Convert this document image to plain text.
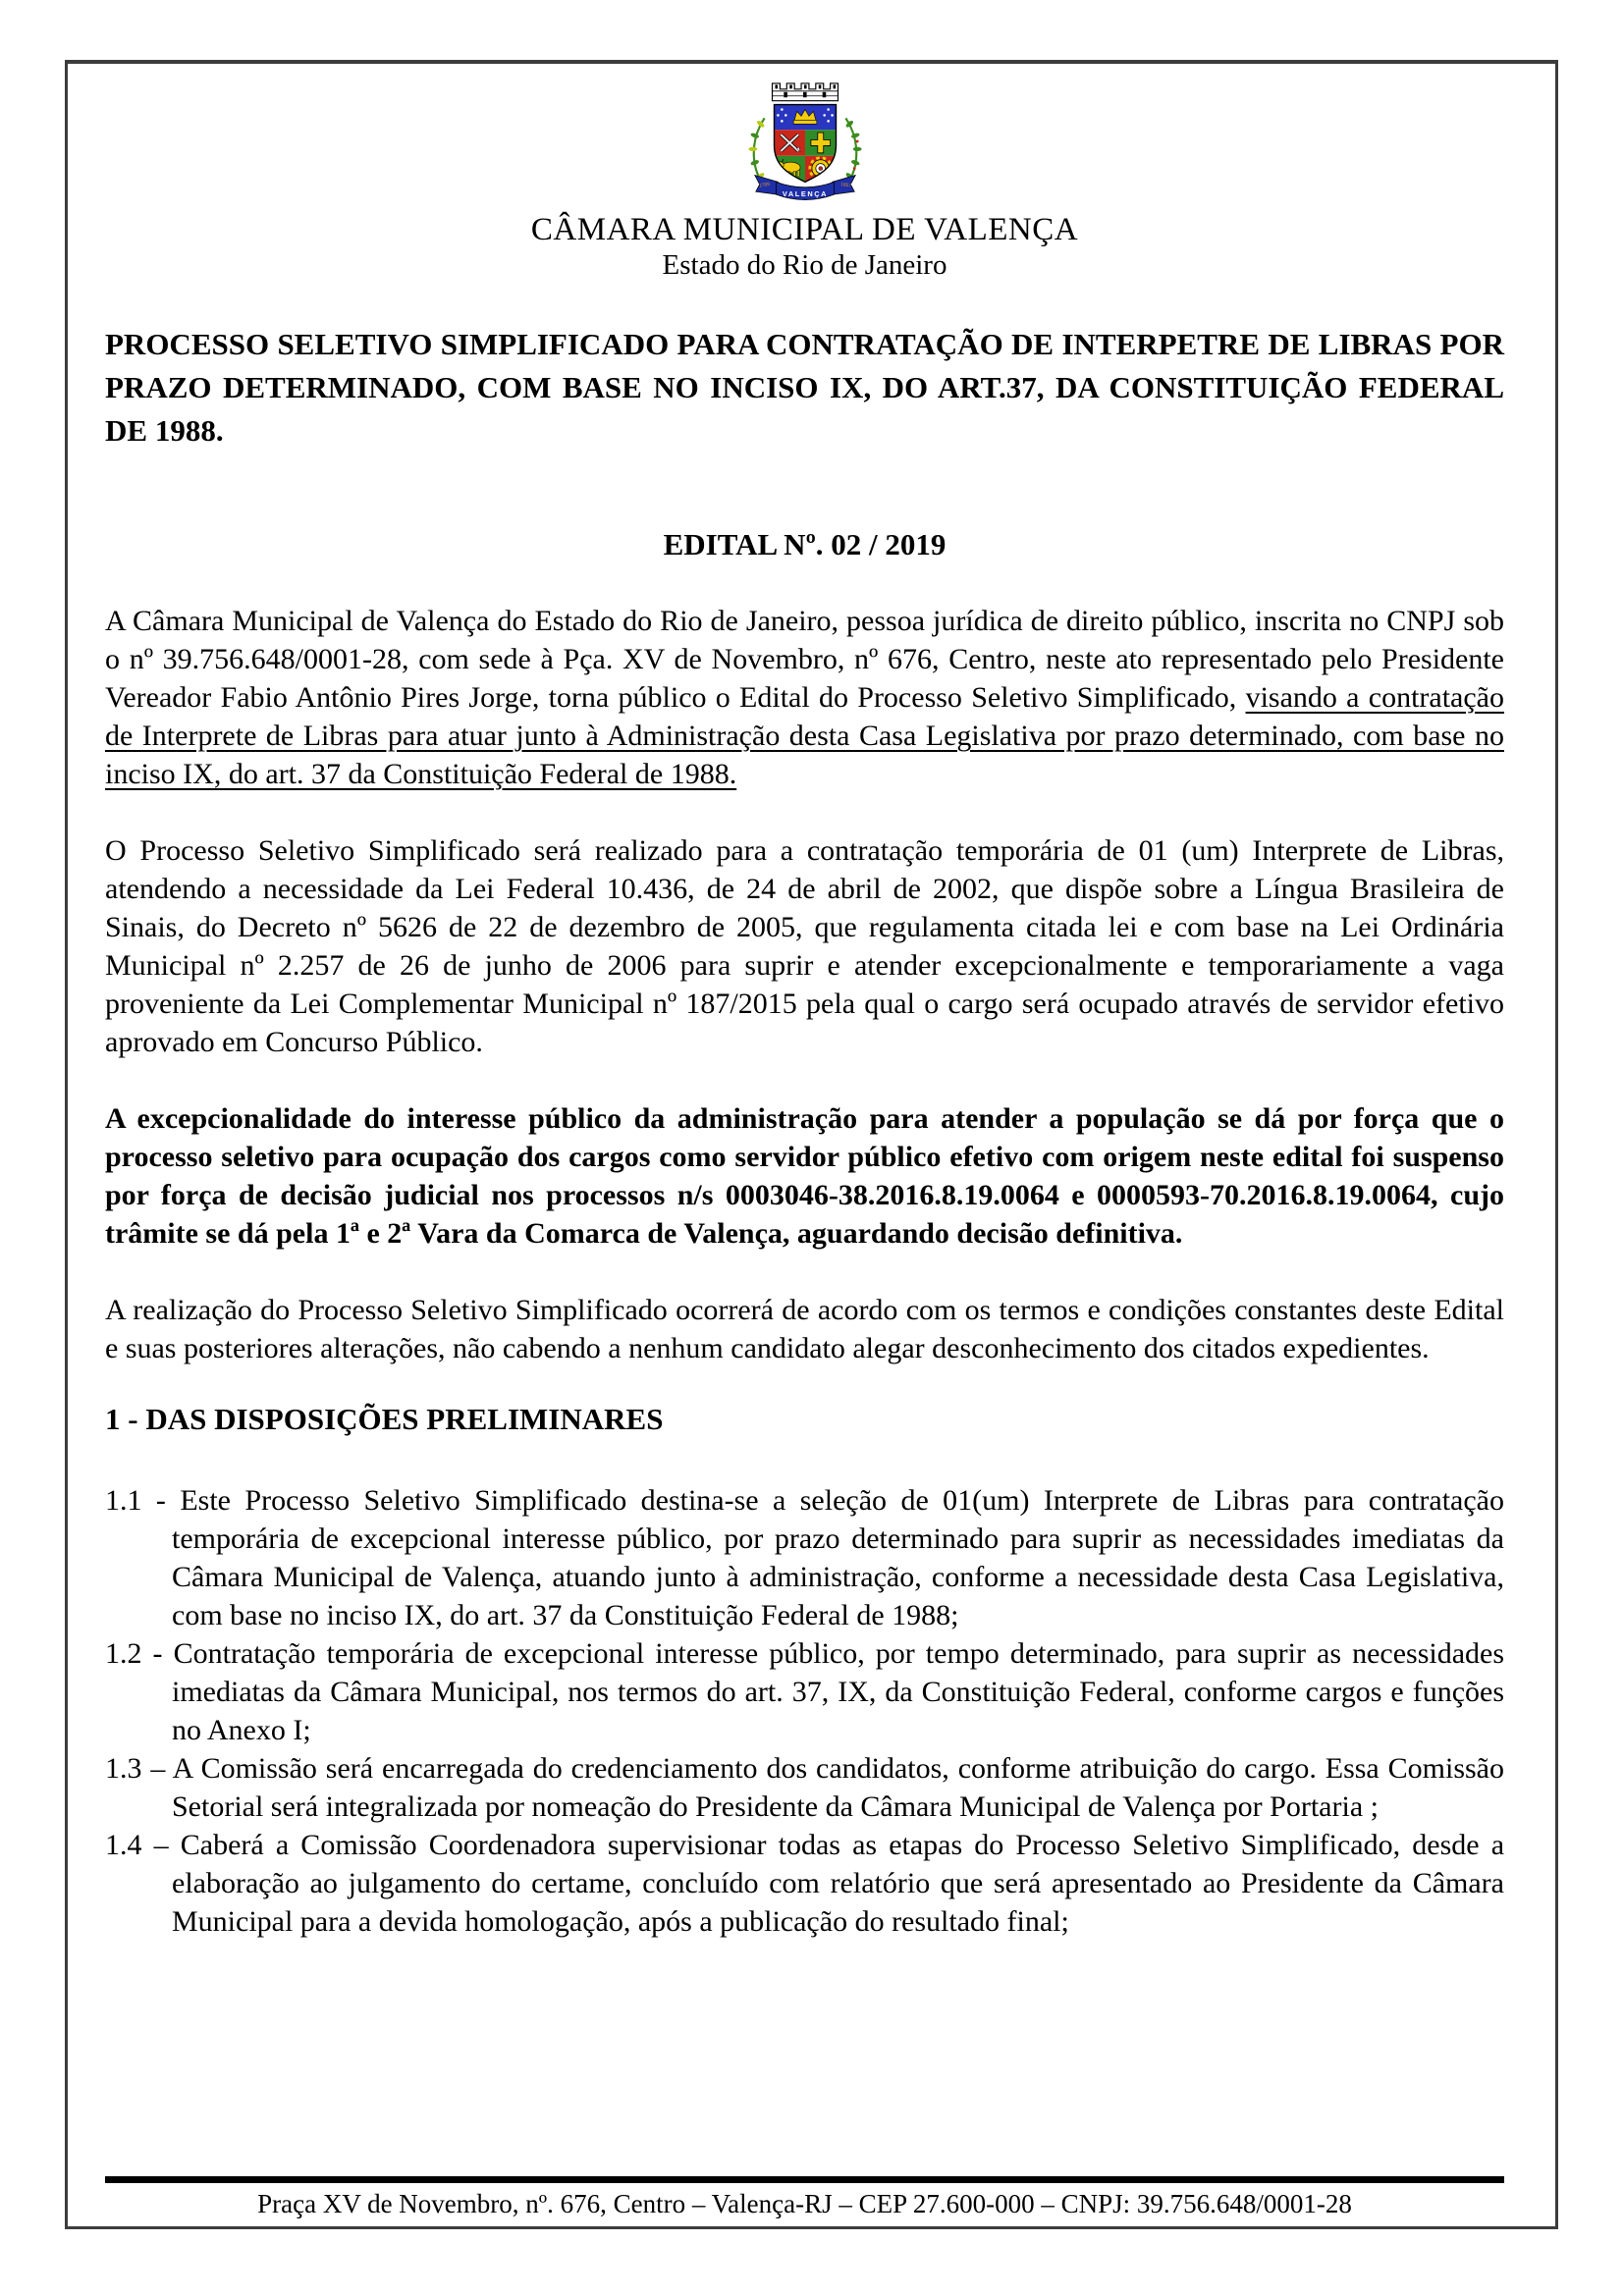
VALENÇA
1789	1857
CÂMARA MUNICIPAL DE VALENÇA
Estado do Rio de Janeiro

PROCESSO SELETIVO SIMPLIFICADO PARA CONTRATAÇÃO DE INTERPETRE DE LIBRAS POR PRAZO DETERMINADO, COM BASE NO INCISO IX, DO ART.37, DA CONSTITUIÇÃO FEDERAL DE 1988.

EDITAL Nº. 02 / 2019

A Câmara Municipal de Valença do Estado do Rio de Janeiro, pessoa jurídica de direito público, inscrita no CNPJ sob o nº 39.756.648/0001-28, com sede à Pça. XV de Novembro, nº 676, Centro, neste ato representado pelo Presidente Vereador Fabio Antônio Pires Jorge, torna público o Edital do Processo Seletivo Simplificado, visando a contratação de Interprete de Libras para atuar junto à Administração desta Casa Legislativa por prazo determinado, com base no inciso IX, do art. 37 da Constituição Federal de 1988.

O Processo Seletivo Simplificado será realizado para a contratação temporária de 01 (um) Interprete de Libras, atendendo a necessidade da Lei Federal 10.436, de 24 de abril de 2002, que dispõe sobre a Língua Brasileira de Sinais, do Decreto nº 5626 de 22 de dezembro de 2005, que regulamenta citada lei e com base na Lei Ordinária Municipal nº 2.257 de 26 de junho de 2006 para suprir e atender excepcionalmente e temporariamente a vaga proveniente da Lei Complementar Municipal nº 187/2015 pela qual o cargo será ocupado através de servidor efetivo aprovado em Concurso Público.

A excepcionalidade do interesse público da administração para atender a população se dá por força que o processo seletivo para ocupação dos cargos como servidor público efetivo com origem neste edital foi suspenso por força de decisão judicial nos processos n/s 0003046-38.2016.8.19.0064 e 0000593-70.2016.8.19.0064, cujo trâmite se dá pela 1ª e 2ª Vara da Comarca de Valença, aguardando decisão definitiva.

A realização do Processo Seletivo Simplificado ocorrerá de acordo com os termos e condições constantes deste Edital e suas posteriores alterações, não cabendo a nenhum candidato alegar desconhecimento dos citados expedientes.

1 - DAS DISPOSIÇÕES PRELIMINARES

1.1 - Este Processo Seletivo Simplificado destina-se a seleção de 01(um) Interprete de Libras para contratação temporária de excepcional interesse público, por prazo determinado para suprir as necessidades imediatas da Câmara Municipal de Valença, atuando junto à administração, conforme a necessidade desta Casa Legislativa, com base no inciso IX, do art. 37 da Constituição Federal de 1988;
1.2 - Contratação temporária de excepcional interesse público, por tempo determinado, para suprir as necessidades imediatas da Câmara Municipal, nos termos do art. 37, IX, da Constituição Federal, conforme cargos e funções no Anexo I;
1.3 – A Comissão será encarregada do credenciamento dos candidatos, conforme atribuição do cargo. Essa Comissão Setorial será integralizada por nomeação do Presidente da Câmara Municipal de Valença por Portaria ;
1.4 – Caberá a Comissão Coordenadora supervisionar todas as etapas do Processo Seletivo Simplificado, desde a elaboração ao julgamento do certame, concluído com relatório que será apresentado ao Presidente da Câmara Municipal para a devida homologação, após a publicação do resultado final;
Praça XV de Novembro, nº. 676, Centro – Valença-RJ – CEP 27.600-000 – CNPJ: 39.756.648/0001-28
